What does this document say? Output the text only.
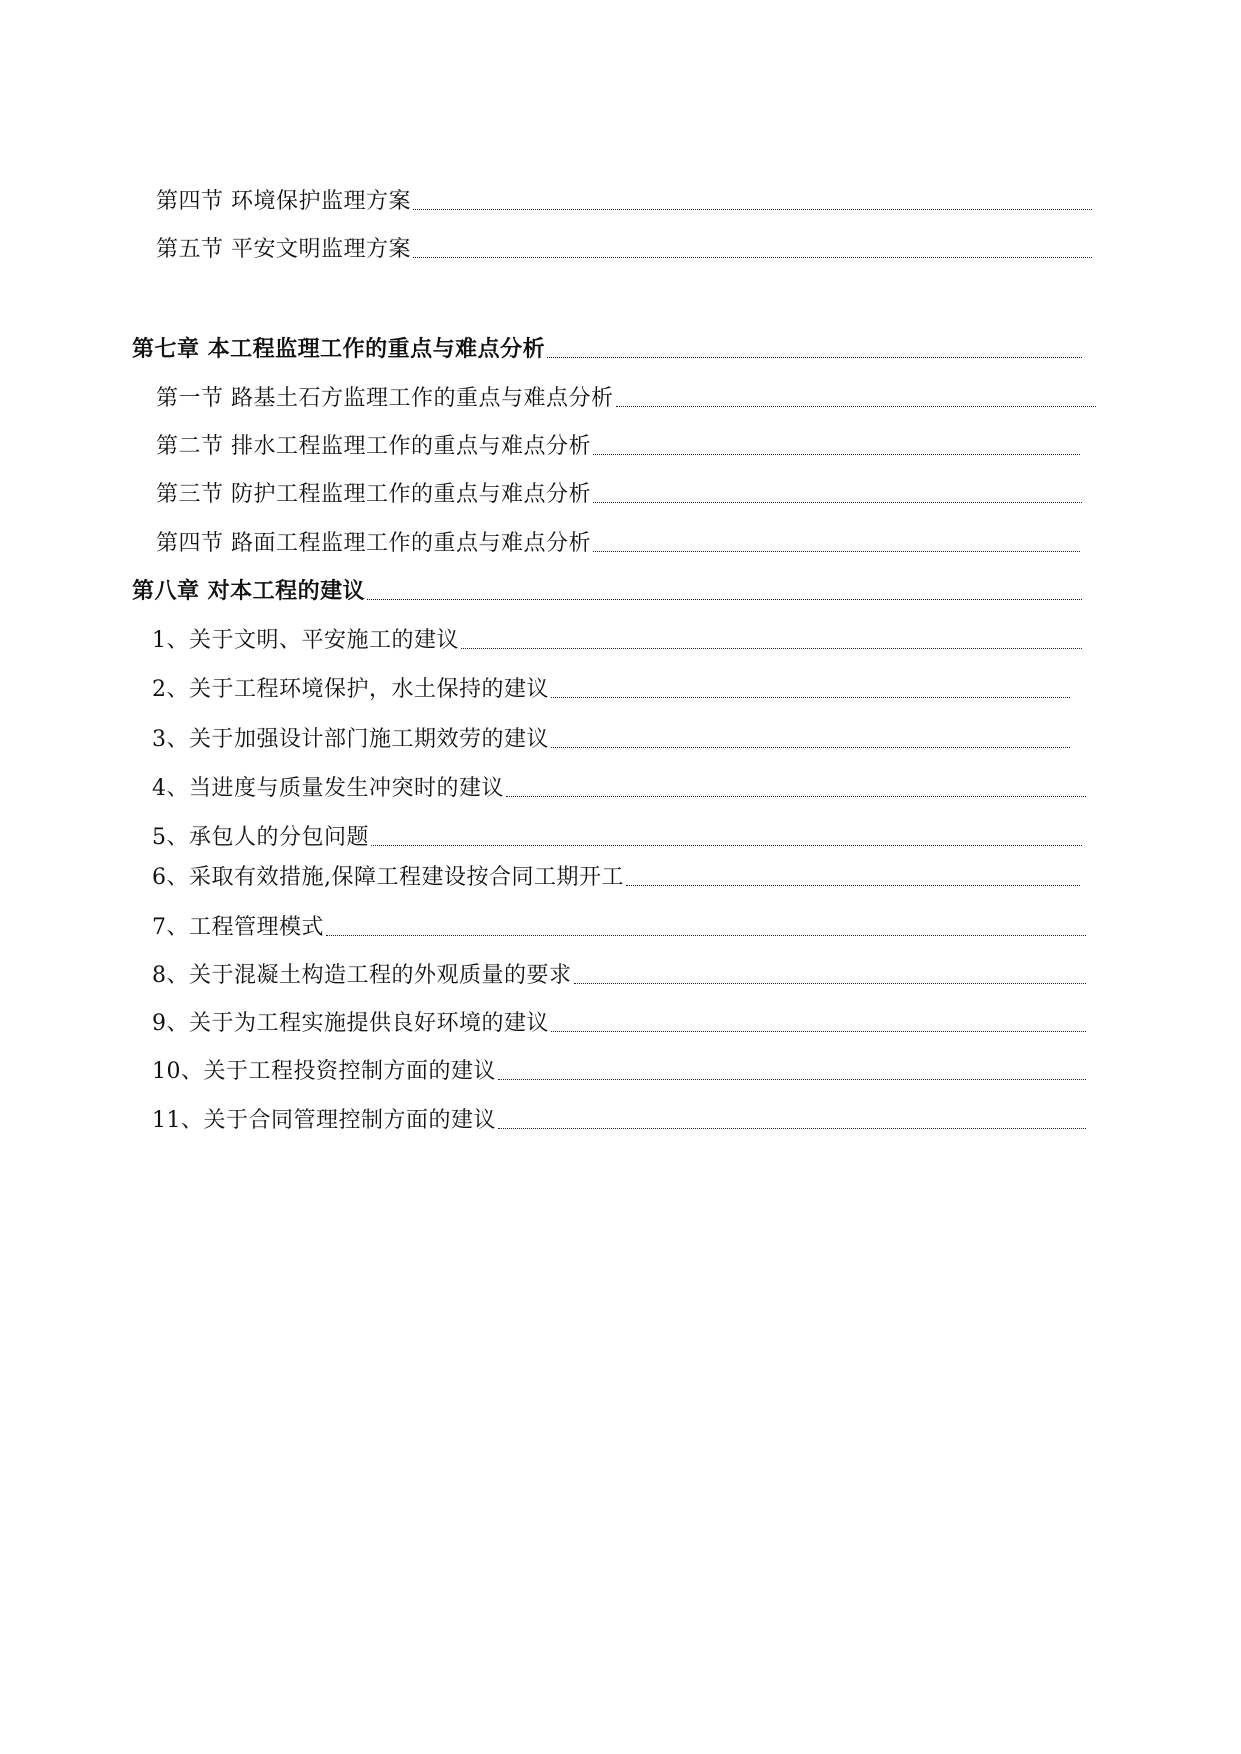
第四节 环境保护监理方案
第五节 平安文明监理方案
第七章 本工程监理工作的重点与难点分析
第一节 路基土石方监理工作的重点与难点分析
第二节 排水工程监理工作的重点与难点分析
第三节 防护工程监理工作的重点与难点分析
第四节 路面工程监理工作的重点与难点分析
第八章 对本工程的建议
1、关于文明、平安施工的建议
2、关于工程环境保护，水土保持的建议
3、关于加强设计部门施工期效劳的建议
4、当进度与质量发生冲突时的建议
5、承包人的分包问题
6、采取有效措施,保障工程建设按合同工期开工
7、工程管理模式
8、关于混凝土构造工程的外观质量的要求
9、关于为工程实施提供良好环境的建议
10、关于工程投资控制方面的建议
11、关于合同管理控制方面的建议
